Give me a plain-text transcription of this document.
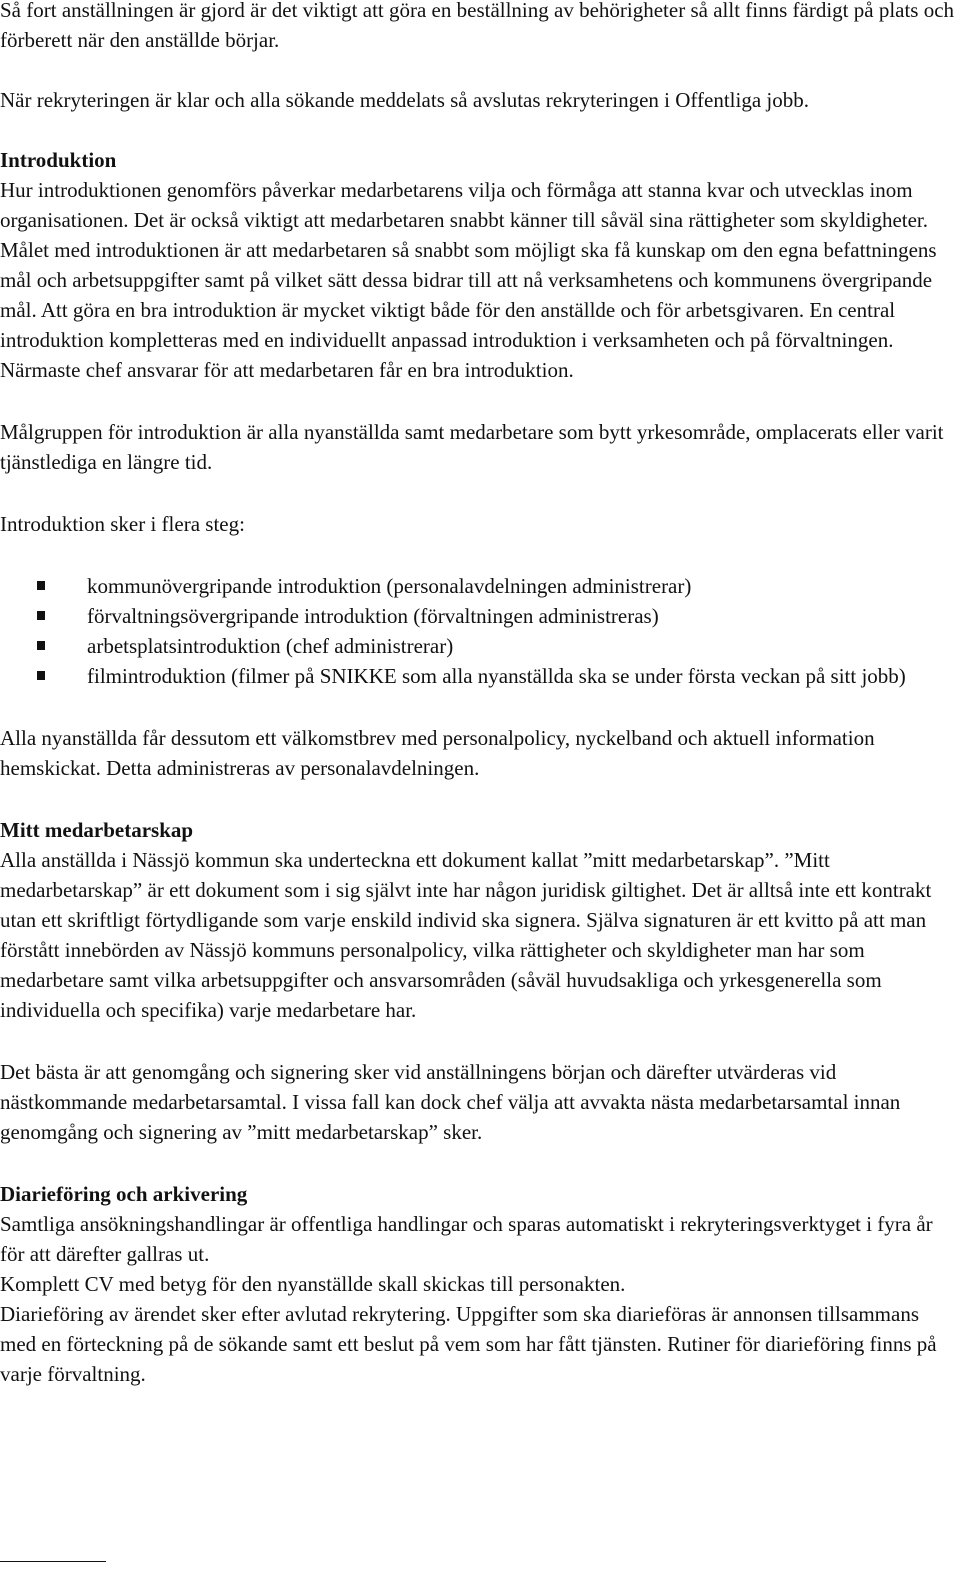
Så fort anställningen är gjord är det viktigt att göra en beställning av behörigheter så allt finns färdigt på plats och förberett när den anställde börjar.

När rekryteringen är klar och alla sökande meddelats så avslutas rekryteringen i Offentliga jobb.

Introduktion

Hur introduktionen genomförs påverkar medarbetarens vilja och förmåga att stanna kvar och utvecklas inom organisationen. Det är också viktigt att medarbetaren snabbt känner till såväl sina rättigheter som skyldigheter. Målet med introduktionen är att medarbetaren så snabbt som möjligt ska få kunskap om den egna befattningens mål och arbetsuppgifter samt på vilket sätt dessa bidrar till att nå verksamhetens och kommunens övergripande mål. Att göra en bra introduktion är mycket viktigt både för den anställde och för arbetsgivaren. En central introduktion kompletteras med en individuellt anpassad introduktion i verksamheten och på förvaltningen. Närmaste chef ansvarar för att medarbetaren får en bra introduktion.

Målgruppen för introduktion är alla nyanställda samt medarbetare som bytt yrkesområde, omplacerats eller varit tjänstlediga en längre tid.

Introduktion sker i flera steg:

kommunövergripande introduktion (personalavdelningen administrerar)
förvaltningsövergripande introduktion (förvaltningen administreras)
arbetsplatsintroduktion (chef administrerar)
filmintroduktion (filmer på SNIKKE som alla nyanställda ska se under första veckan på sitt jobb)

Alla nyanställda får dessutom ett välkomstbrev med personalpolicy, nyckelband och aktuell information hemskickat. Detta administreras av personalavdelningen.

Mitt medarbetarskap

Alla anställda i Nässjö kommun ska underteckna ett dokument kallat ”mitt medarbetarskap”. ”Mitt medarbetarskap” är ett dokument som i sig självt inte har någon juridisk giltighet. Det är alltså inte ett kontrakt utan ett skriftligt förtydligande som varje enskild individ ska signera. Själva signaturen är ett kvitto på att man förstått innebörden av Nässjö kommuns personalpolicy, vilka rättigheter och skyldigheter man har som medarbetare samt vilka arbetsuppgifter och ansvarsområden (såväl huvudsakliga och yrkesgenerella som individuella och specifika) varje medarbetare har.

Det bästa är att genomgång och signering sker vid anställningens början och därefter utvärderas vid nästkommande medarbetarsamtal. I vissa fall kan dock chef välja att avvakta nästa medarbetarsamtal innan genomgång och signering av ”mitt medarbetarskap” sker.

Diarieföring och arkivering

Samtliga ansökningshandlingar är offentliga handlingar och sparas automatiskt i rekryteringsverktyget i fyra år för att därefter gallras ut.

Komplett CV med betyg för den nyanställde skall skickas till personakten.

Diarieföring av ärendet sker efter avlutad rekrytering. Uppgifter som ska diarieföras är annonsen tillsammans med en förteckning på de sökande samt ett beslut på vem som har fått tjänsten. Rutiner för diarieföring finns på varje förvaltning.
